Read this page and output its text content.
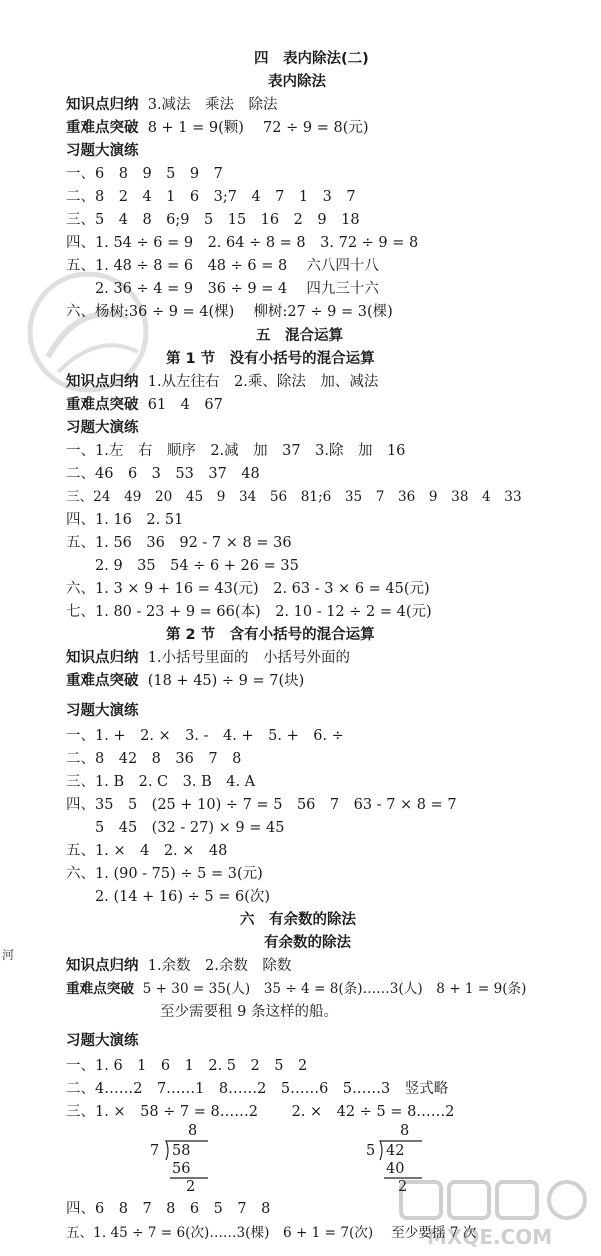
四　表内除法(二)
表内除法
知识点归纳 3.减法　乘法　除法
重难点突破 8 + 1 = 9(颗)　 72 ÷ 9 = 8(元)
习题大演练
一、6　8　9　5　9　7
二、8　2　4　1　6　3;7　4　7　1　3　7
三、5　4　8　6;9　5　15　16　2　9　18
四、1. 54 ÷ 6 = 9　2. 64 ÷ 8 = 8　3. 72 ÷ 9 = 8
五、1. 48 ÷ 8 = 6　48 ÷ 6 = 8　 六八四十八
　　2. 36 ÷ 4 = 9　36 ÷ 9 = 4　 四九三十六
六、杨树:36 ÷ 9 = 4(棵)　 柳树:27 ÷ 9 = 3(棵)
五　混合运算
第 1 节　没有小括号的混合运算
知识点归纳 1.从左往右　2.乘、除法　加、减法
重难点突破 61　4　67
习题大演练
一、1.左　右　顺序　2.减　加　37　3.除　加　16
二、46　6　3　53　37　48
三、24　49　20　45　9　34　56　81;6　35　7　36　9　38　4　33
四、1. 16　2. 51
五、1. 56　36　92 - 7 × 8 = 36
　　2. 9　35　54 ÷ 6 + 26 = 35
六、1. 3 × 9 + 16 = 43(元)　2. 63 - 3 × 6 = 45(元)
七、1. 80 - 23 + 9 = 66(本)　2. 10 - 12 ÷ 2 = 4(元)
第 2 节　含有小括号的混合运算
知识点归纳 1.小括号里面的　小括号外面的
重难点突破 (18 + 45) ÷ 9 = 7(块)
习题大演练
一、1. +　2. ×　3. -　4. +　5. +　6. ÷
二、8　42　8　36　7　8
三、1. B　2. C　3. B　4. A
四、35　5　(25 + 10) ÷ 7 = 5　56　7　63 - 7 × 8 = 7
　　5　45　(32 - 27) × 9 = 45
五、1. ×　4　2. ×　48
六、1. (90 - 75) ÷ 5 = 3(元)
　　2. (14 + 16) ÷ 5 = 6(次)
六　有余数的除法
有余数的除法
河
知识点归纳 1.余数　2.余数　除数
重难点突破 5 + 30 = 35(人)　35 ÷ 4 = 8(条)……3(人)　8 + 1 = 9(条)
至少需要租 9 条这样的船。
习题大演练
一、1. 6　1　6　1　2. 5　2　5　2
二、4……2　7……1　8……2　5……6　5……3　竖式略
三、1. ×　58 ÷ 7 = 8……2　　 2. ×　42 ÷ 5 = 8……2
8
7 58
56
2
8
5 42
40
2
四、6　8　7　8　6　5　7　8
五、1. 45 ÷ 7 = 6(次)……3(棵)　6 + 1 = 7(次)　 至少要摇 7 次
MXQE.COM
